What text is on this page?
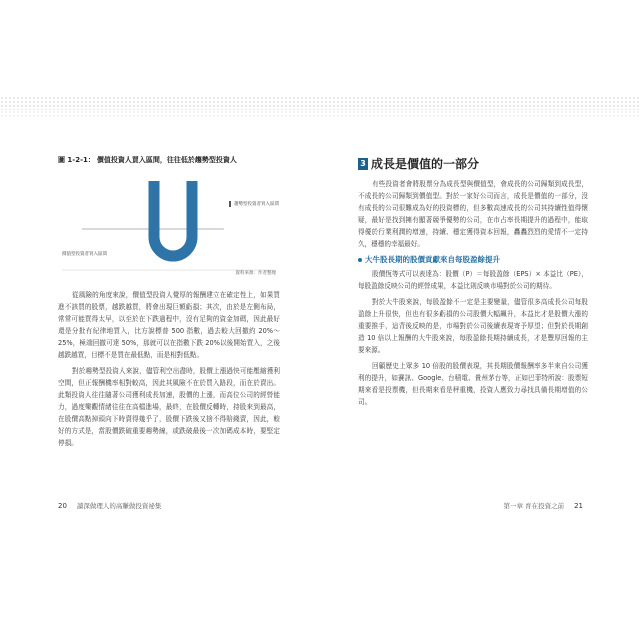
圖 1-2-1： 價值投資人買入區間，往往低於趨勢型投資人
趨勢型投資者買入區間
價值型投資者買入區間
資料來源：作者整理

從風險的角度來說，價值型投資人覺厚的報酬建立在確定性上，如果買進不該買的股票，越跌越買，將會出現巨額虧損；其次，由於是左側布局，常常可能買得太早，以至於在下跌過程中，沒有足夠的資金加碼，因此最好還是分批有紀律地買入，比方說標普 500 指數，過去較大回撤約 20%～25%，極端回撤可達 50%，那就可以在指數下跌 20%以後開始買入，之後越跌越買，目標不是買在最低點，而是相對低點。

對於趨勢型投資人來說，儘管利空出盡時，股價上漲過快可能壓縮獲利空間，但正報酬機率相對較高，因此其風險不在於買入路段，而在於賣出。此類投資人往往隨著公司獲利成長加速，股價的上漲，而高位公司的經營能力，過度樂觀情緒往往在高檔進場，最終，在股價反轉時，持股來到最高，在股價高點掉頭向下時賣得幾乎了，股價下跌後又捨不得賠錢賣，因此，較好的方式是，當股價跌破重要趨勢線，或跌破最後一次加碼成本時，要堅定停損。

3 成長是價值的一部分

有些投資者會將股票分為成長型與價值型，會成長的公司歸類到成長型，不成長的公司歸類到價值型。對於一家好公司而言，成長是價值的一部分，沒有成長的公司很難成為好的投資標的，但多數高速成長的公司其持續性值得懷疑，最好是找到擁有顯著競爭優勢的公司，在市占率長期提升的過程中，能取得優於行業利潤的增速，持續、穩定獲得資本回報，轟轟烈烈的愛情不一定持久，穩穩的幸福最好。

大牛股長期的股價貢獻來自每股盈餘提升

股價恆等式可以表達為：股價（P）＝每股盈餘（EPS）× 本益比（PE），每股盈餘反映公司的經營成果，本益比則反映市場對於公司的期待。

對於大牛股來說，每股盈餘不一定是主要變量，儘管很多高成長公司每股盈餘上升很快，但也有很多虧損的公司股價大幅飆升，本益比才是股價大漲的重要推手，這背後反映的是，市場對於公司後續表現寄予厚望；但對於長期創造 10 倍以上報酬的大牛股來說，每股盈餘長期持續成長，才是豐厚回報的主要來源。

回顧歷史上眾多 10 倍股的股價表現，其長期股價報酬率多半來自公司獲利的提升，如賽訊、Google、台積電、貴州茅台等，正如巴菲特所說：股票短期來看是投票機，但長期來看是秤重機，投資人應致力尋找具備長期增值的公司。

20 讀深做理人的高賺做投資祕集	第一章 育在投資之前 21
